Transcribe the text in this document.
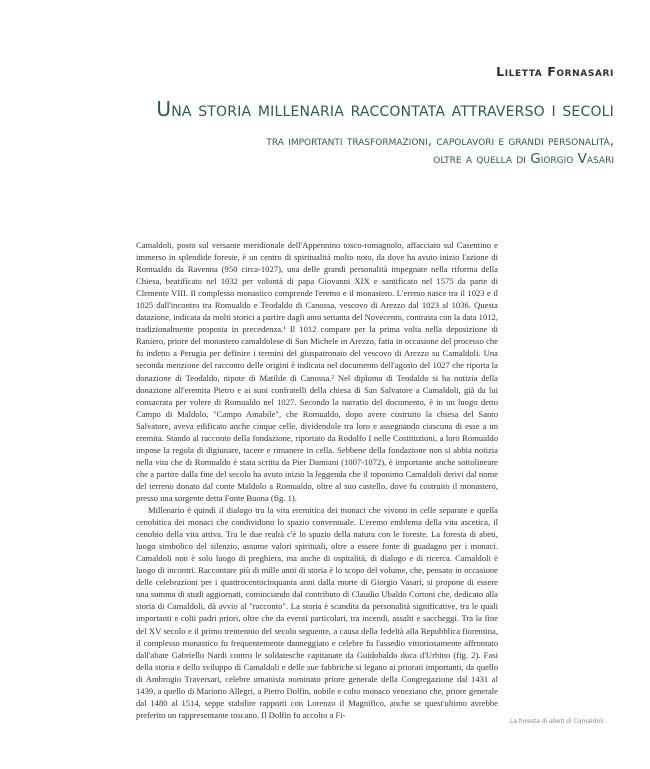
Liletta Fornasari
Una storia millenaria raccontata attraverso i secoli
tra importanti trasformazioni, capolavori e grandi personalità,
oltre a quella di Giorgio Vasari

Camaldoli, posto sul versante meridionale dell'Appennino tosco-romagnolo, affacciato sul Casentino e immerso in splendide foreste, è un centro di spiritualità molto noto, da dove ha avuto inizio l'azione di Romualdo da Ravenna (950 circa-1027), una delle grandi personalità impegnate nella riforma della Chiesa, beatificato nel 1032 per volontà di papa Giovanni XIX e santificato nel 1575 da parte di Clemente VIII. Il complesso monastico comprende l'eremo e il monastero. L'eremo nasce tra il 1023 e il 1025 dall'incontro tra Romualdo e Teodaldo di Canossa, vescovo di Arezzo dal 1023 al 1036. Questa datazione, indicata da molti storici a partire dagli anni settanta del Novecento, contrasta con la data 1012, tradizionalmente proposta in precedenza.¹ Il 1012 compare per la prima volta nella deposizione di Raniero, priore del monastero camaldolese di San Michele in Arezzo, fatta in occasione del processo che fu indetto a Perugia per definire i termini del giuspatronato del vescovo di Arezzo su Camaldoli. Una seconda menzione del racconto delle origini è indicata nel documento dell'agosto del 1027 che riporta la donazione di Teodaldo, nipote di Matilde di Canossa.² Nel diploma di Teodaldo si ha notizia della donazione all'eremita Pietro e ai suoi confratelli della chiesa di San Salvatore a Camaldoli, già da lui consacrata per volere di Romualdo nel 1027. Secondo la narratio del documento, è in un luogo detto Campo di Maldolo, "Campo Amabile", che Romualdo, dopo avere costruito la chiesa del Santo Salvatore, aveva edificato anche cinque celle, dividendole tra loro e assegnando ciascuna di esse a un eremita. Stando al racconto della fondazione, riportato da Rodolfo I nelle Costituzioni, a loro Romualdo impose la regola di digiunare, tacere e rimanere in cella. Sebbene della fondazione non si abbia notizia nella vita che di Romualdo è stata scritta da Pier Damiani (1007-1072), è importante anche sottolineare che a partire dalla fine del secolo ha avuto inizio la leggenda che il toponimo Camaldoli derivi dal nome del terreno donato dal conte Maldolo a Romualdo, oltre al suo castello, dove fu costruito il monastero, presso una sorgente detta Fonte Buona (fig. 1).

Millenario è quindi il dialogo tra la vita eremitica dei monaci che vivono in celle separate e quella cenobitica dei monaci che condividono lo spazio conventuale. L'eremo emblema della vita ascetica, il cenobio della vita attiva. Tra le due realtà c'è lo spazio della natura con le foreste. La foresta di abeti, luogo simbolico del silenzio, assume valori spirituali, oltre a essere fonte di guadagno per i monaci. Camaldoli non è solo luogo di preghiera, ma anche di ospitalità, di dialogo e di ricerca. Camaldoli è luogo di incontri. Raccontare più di mille anni di storia è lo scopo del volume, che, pensato in occasione delle celebrazioni per i quattrocentocinquanta anni dalla morte di Giorgio Vasari, si propone di essere una summa di studi aggiornati, cominciando dal contributo di Claudio Ubaldo Cortoni che, dedicato alla storia di Camaldoli, dà avvio al "racconto". La storia è scandita da personalità significative, tra le quali importanti e colti padri priori, oltre che da eventi particolari, tra incendi, assalti e saccheggi. Tra la fine del XV secolo e il primo trentennio del secolo seguente, a causa della fedeltà alla Repubblica fiorentina, il complesso monastico fu frequentemente danneggiato e celebre fu l'assedio vittoriosamente affrontato dall'abate Gabriello Nardi contro le soldatesche capitanate da Guidobaldo duca d'Urbino (fig. 2). Fasi della storia e dello sviluppo di Camaldoli e delle sue fabbriche si legano ai priorati importanti, da quello di Ambrogio Traversari, celebre umanista nominato priore generale della Congregazione dal 1431 al 1439, a quello di Mariotto Allegri, a Pietro Dolfin, nobile e colto monaco veneziano che, priore generale dal 1480 al 1514, seppe stabilire rapporti con Lorenzo il Magnifico, anche se quest'ultimo avrebbe preferito un rappresentante toscano. Il Dolfin fu accolto a Fi-

La foresta di abeti di Camaldoli.
